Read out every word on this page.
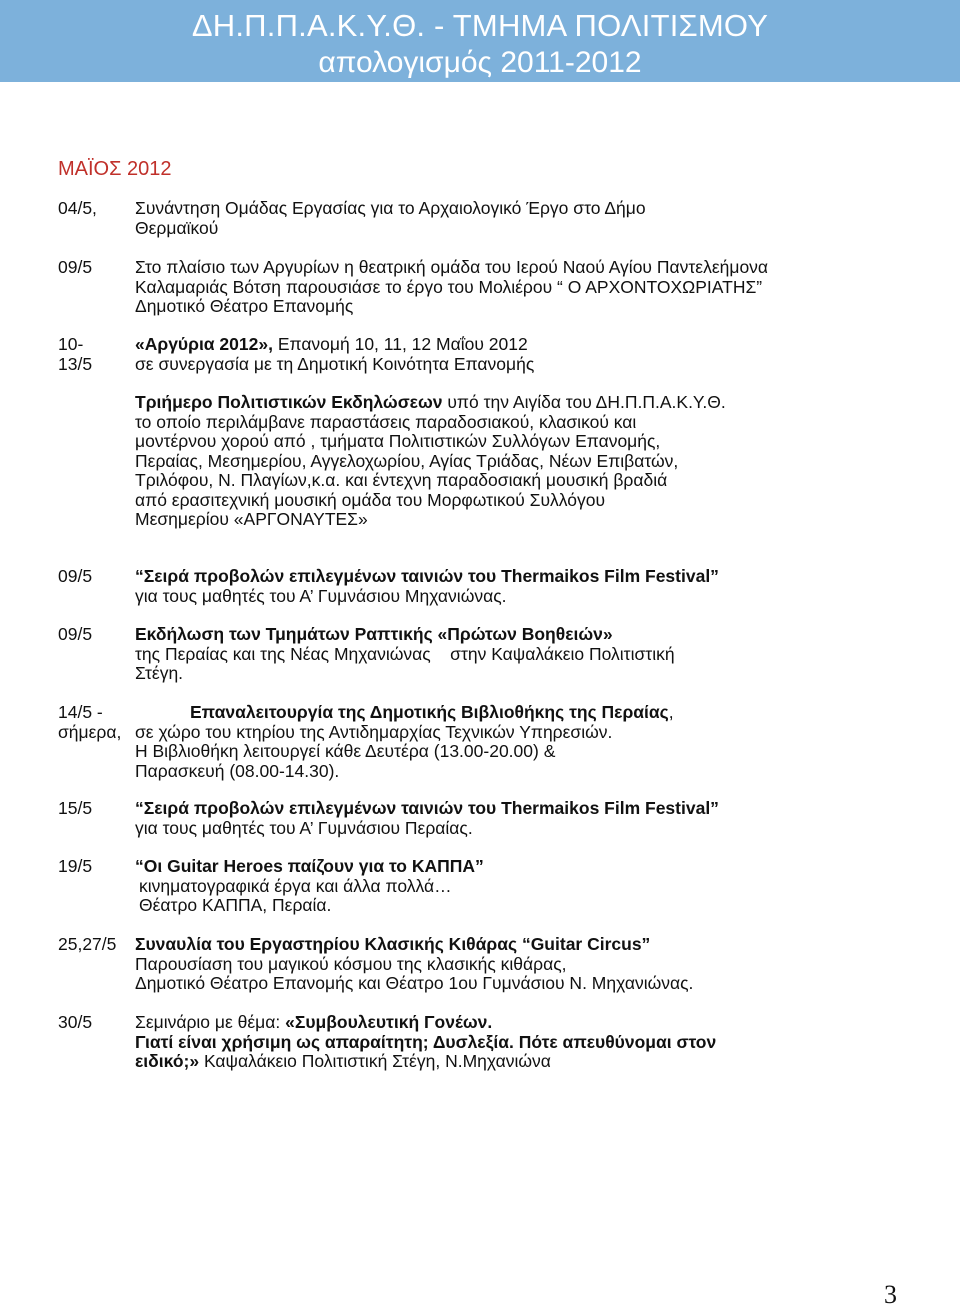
ΔΗ.Π.Π.Α.Κ.Υ.Θ. - ΤΜΗΜΑ ΠΟΛΙΤΙΣΜΟΥ
απολογισμός 2011-2012
ΜΑΪΟΣ 2012
04/5, Συνάντηση Ομάδας Εργασίας για το Αρχαιολογικό Έργο στο Δήμο
Θερμαϊκού
09/5 Στο πλαίσιο των Αργυρίων η θεατρική ομάδα του Ιερού Ναού Αγίου Παντελεήμονα
Καλαμαριάς Βότση παρουσιάσε το έργο του Μολιέρου “ Ο ΑΡΧΟΝΤΟΧΩΡΙΑΤΗΣ”
Δημοτικό Θέατρο Επανομής
10- 13/5
«Αργύρια 2012», Επανομή 10, 11, 12 Μαΐου 2012
σε συνεργασία με τη Δημοτική Κοινότητα Επανομής
Τριήμερο Πολιτιστικών Εκδηλώσεων υπό την Αιγίδα του ΔΗ.Π.Π.Α.Κ.Υ.Θ.
το οποίο περιλάμβανε παραστάσεις παραδοσιακού, κλασικού και
μοντέρνου χορού από , τμήματα Πολιτιστικών Συλλόγων Επανομής,
Περαίας, Μεσημερίου, Αγγελοχωρίου, Αγίας Τριάδας, Νέων Επιβατών,
Τριλόφου, Ν. Πλαγίων,κ.α. και έντεχνη παραδοσιακή μουσική βραδιά
από ερασιτεχνική μουσική ομάδα του Μορφωτικού Συλλόγου
Μεσημερίου «ΑΡΓΟΝΑΥΤΕΣ»
09/5 “Σειρά προβολών επιλεγμένων ταινιών του Thermaikos Film Festival”
για τους μαθητές του Α’ Γυμνάσιου Μηχανιώνας.
09/5 Εκδήλωση των Τμημάτων Ραπτικής «Πρώτων Βοηθειών»
της Περαίας και της Νέας Μηχανιώνας    στην Καψαλάκειο Πολιτιστική
Στέγη.
14/5 - σήμερα,
Επαναλειτουργία της Δημοτικής Βιβλιοθήκης της Περαίας,
σε χώρο του κτηρίου της Αντιδημαρχίας Τεχνικών Υπηρεσιών.
Η Βιβλιοθήκη λειτουργεί κάθε Δευτέρα (13.00-20.00) &
Παρασκευή (08.00-14.30).
15/5 “Σειρά προβολών επιλεγμένων ταινιών του Thermaikos Film Festival”
για τους μαθητές του Α’ Γυμνάσιου Περαίας.
19/5 “Οι Guitar Heroes παίζουν για το ΚΑΠΠΑ”
κινηματογραφικά έργα και άλλα πολλά…
Θέατρο ΚΑΠΠΑ, Περαία.
25,27/5 Συναυλία του Εργαστηρίου Κλασικής Κιθάρας “Guitar Circus”
Παρουσίαση του μαγικού κόσμου της κλασικής κιθάρας,
Δημοτικό Θέατρο Επανομής και Θέατρο 1ου Γυμνάσιου Ν. Μηχανιώνας.
30/5 Σεμινάριο με θέμα: «Συμβουλευτική Γονέων.
Γιατί είναι χρήσιμη ως απαραίτητη; Δυσλεξία. Πότε απευθύνομαι στον
ειδικό;» Καψαλάκειο Πολιτιστική Στέγη, Ν.Μηχανιώνα
3
